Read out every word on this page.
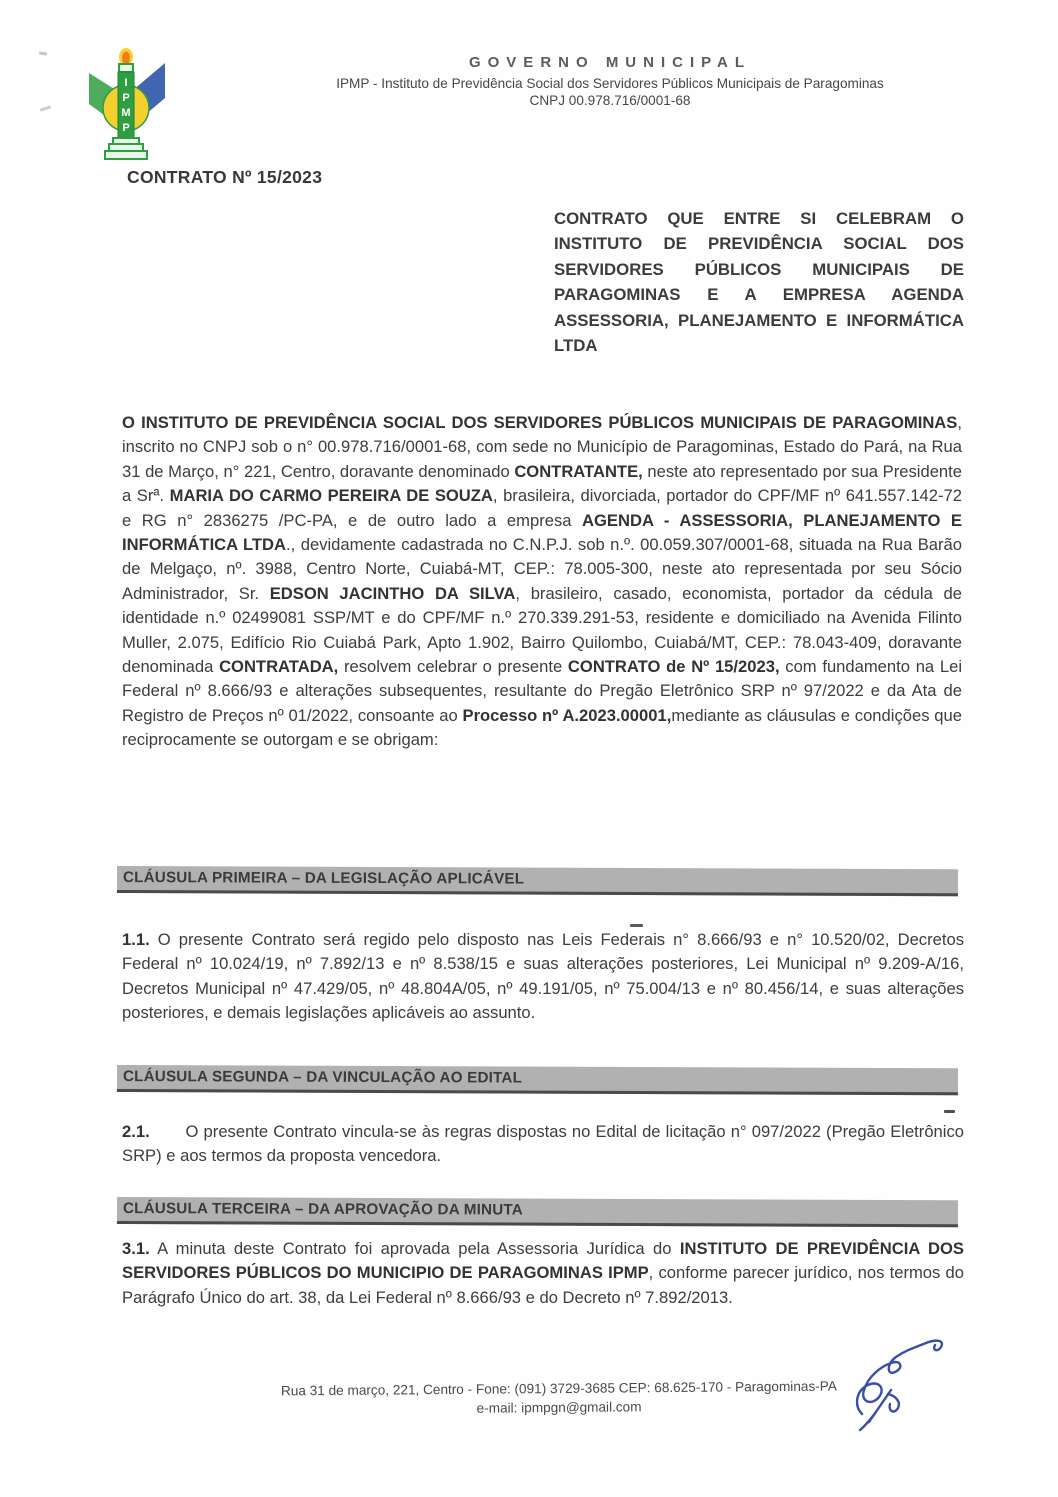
I
P
M
P
GOVERNO MUNICIPAL
IPMP - Instituto de Previdência Social dos Servidores Públicos Municipais de Paragominas
CNPJ 00.978.716/0001-68
CONTRATO Nº 15/2023
CONTRATO QUE ENTRE SI CELEBRAM O INSTITUTO DE PREVIDÊNCIA SOCIAL DOS SERVIDORES PÚBLICOS MUNICIPAIS DE PARAGOMINAS E A EMPRESA AGENDA ASSESSORIA, PLANEJAMENTO E INFORMÁTICA LTDA
O INSTITUTO DE PREVIDÊNCIA SOCIAL DOS SERVIDORES PÚBLICOS MUNICIPAIS DE PARAGOMINAS, inscrito no CNPJ sob o n° 00.978.716/0001-68, com sede no Município de Paragominas, Estado do Pará, na Rua 31 de Março, n° 221, Centro, doravante denominado CONTRATANTE, neste ato representado por sua Presidente a Srª. MARIA DO CARMO PEREIRA DE SOUZA, brasileira, divorciada, portador do CPF/MF nº 641.557.142-72 e RG n° 2836275 /PC-PA, e de outro lado a empresa AGENDA - ASSESSORIA, PLANEJAMENTO E INFORMÁTICA LTDA., devidamente cadastrada no C.N.P.J. sob n.º. 00.059.307/0001-68, situada na Rua Barão de Melgaço, nº. 3988, Centro Norte, Cuiabá-MT, CEP.: 78.005-300, neste ato representada por seu Sócio Administrador, Sr. EDSON JACINTHO DA SILVA, brasileiro, casado, economista, portador da cédula de identidade n.º 02499081 SSP/MT e do CPF/MF n.º 270.339.291-53, residente e domiciliado na Avenida Filinto Muller, 2.075, Edifício Rio Cuiabá Park, Apto 1.902, Bairro Quilombo, Cuiabá/MT, CEP.: 78.043-409, doravante denominada CONTRATADA, resolvem celebrar o presente CONTRATO de Nº 15/2023, com fundamento na Lei Federal nº 8.666/93 e alterações subsequentes, resultante do Pregão Eletrônico SRP nº 97/2022 e da Ata de Registro de Preços nº 01/2022, consoante ao Processo nº A.2023.00001,mediante as cláusulas e condições que reciprocamente se outorgam e se obrigam:
CLÁUSULA PRIMEIRA – DA LEGISLAÇÃO APLICÁVEL
1.1. O presente Contrato será regido pelo disposto nas Leis Federais n° 8.666/93 e n° 10.520/02, Decretos Federal nº 10.024/19, nº 7.892/13 e nº 8.538/15 e suas alterações posteriores, Lei Municipal nº 9.209-A/16, Decretos Municipal nº 47.429/05, nº 48.804A/05, nº 49.191/05, nº 75.004/13 e nº 80.456/14, e suas alterações posteriores, e demais legislações aplicáveis ao assunto.
CLÁUSULA SEGUNDA – DA VINCULAÇÃO AO EDITAL
2.1.       O presente Contrato vincula-se às regras dispostas no Edital de licitação n° 097/2022 (Pregão Eletrônico SRP) e aos termos da proposta vencedora.
CLÁUSULA TERCEIRA – DA APROVAÇÃO DA MINUTA
3.1. A minuta deste Contrato foi aprovada pela Assessoria Jurídica do INSTITUTO DE PREVIDÊNCIA DOS SERVIDORES PÚBLICOS DO MUNICIPIO DE PARAGOMINAS IPMP, conforme parecer jurídico, nos termos do Parágrafo Único do art. 38, da Lei Federal nº 8.666/93 e do Decreto nº 7.892/2013.
Rua 31 de março, 221, Centro - Fone: (091) 3729-3685 CEP: 68.625-170 - Paragominas-PA
e-mail: ipmpgn@gmail.com
